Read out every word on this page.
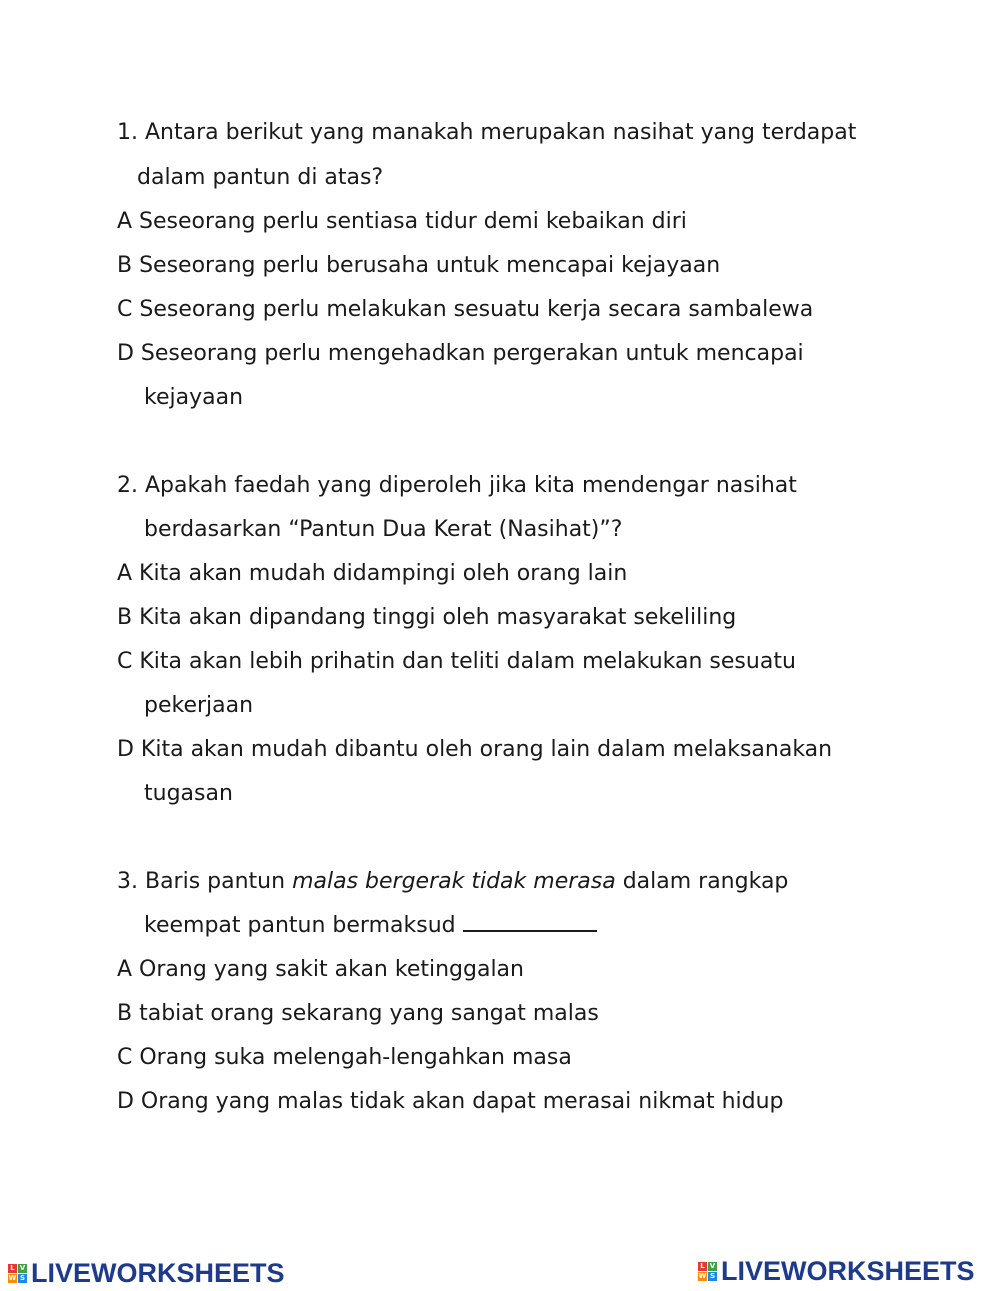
1. Antara berikut yang manakah merupakan nasihat yang terdapat
dalam pantun di atas?
A Seseorang perlu sentiasa tidur demi kebaikan diri
B Seseorang perlu berusaha untuk mencapai kejayaan
C Seseorang perlu melakukan sesuatu kerja secara sambalewa
D Seseorang perlu mengehadkan pergerakan untuk mencapai
kejayaan
2. Apakah faedah yang diperoleh jika kita mendengar nasihat
berdasarkan “Pantun Dua Kerat (Nasihat)”?
A Kita akan mudah didampingi oleh orang lain
B Kita akan dipandang tinggi oleh masyarakat sekeliling
C Kita akan lebih prihatin dan teliti dalam melakukan sesuatu
pekerjaan
D Kita akan mudah dibantu oleh orang lain dalam melaksanakan
tugasan
3. Baris pantun malas bergerak tidak merasa dalam rangkap
keempat pantun bermaksud
A Orang yang sakit akan ketinggalan
B tabiat orang sekarang yang sangat malas
C Orang suka melengah-lengahkan masa
D Orang yang malas tidak akan dapat merasai nikmat hidup
L V
W S LIVEWORKSHEETS	L V
W S LIVEWORKSHEETS
